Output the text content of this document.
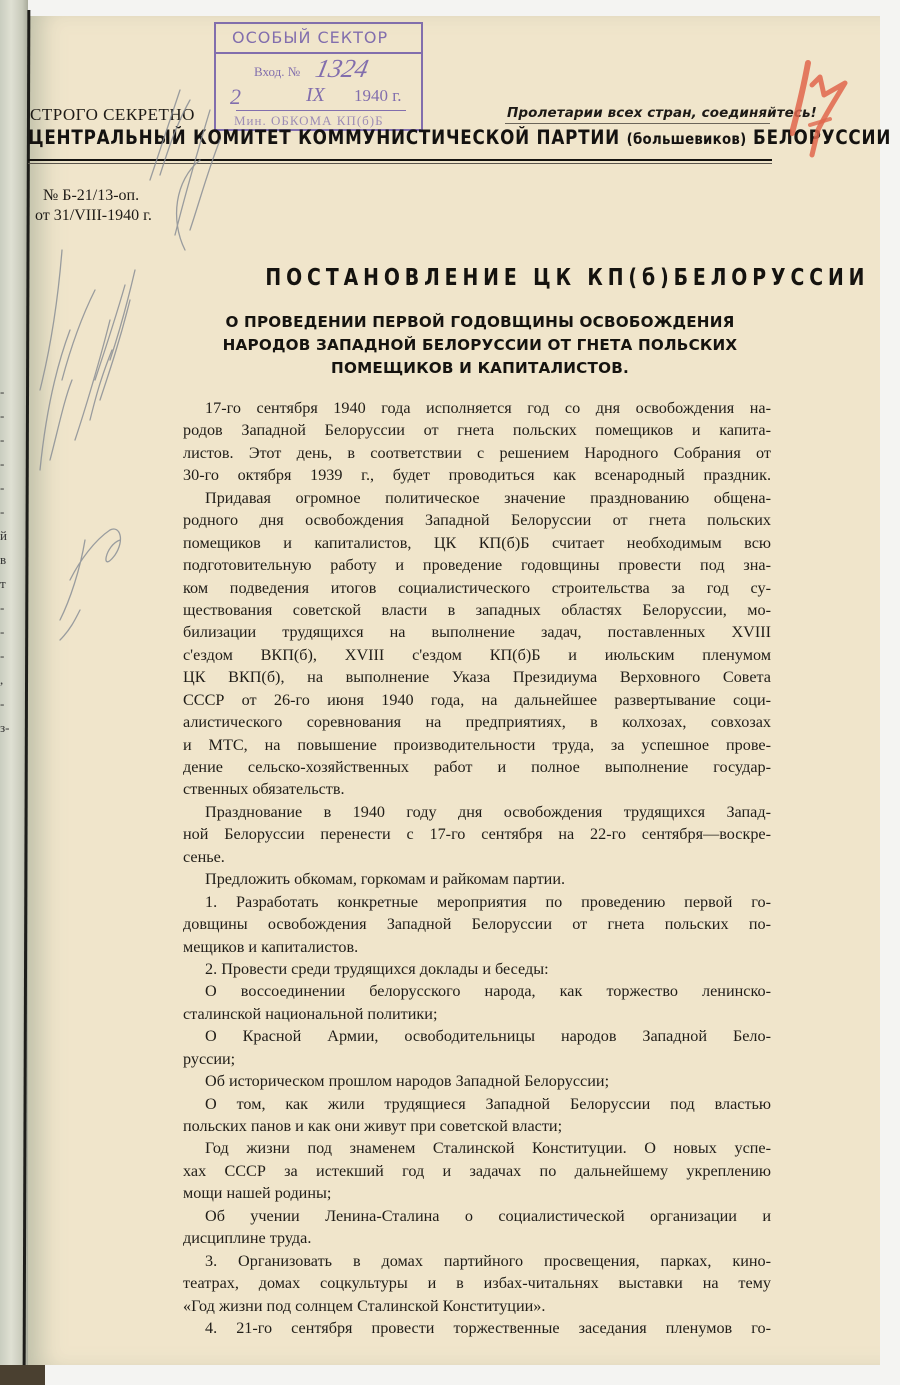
-
-
-
-
-
-
й
в
т
-
-
-
,
-
з-
ОСОБЫЙ СЕКТОР
Вход. № 1324
2	IX 1940 г.
Мин. ОБКОМА КП(б)Б
СТРОГО СЕКРЕТНО	Пролетарии всех стран, соединяйтесь!
ЦЕНТРАЛЬНЫЙ КОМИТЕТ КОММУНИСТИЧЕСКОЙ ПАРТИИ (большевиков) БЕЛОРУССИИ
№ Б-21/13-оп.
от 31/VIII-1940 г.
ПОСТАНОВЛЕНИЕ ЦК КП(б)БЕЛОРУССИИ
О ПРОВЕДЕНИИ ПЕРВОЙ ГОДОВЩИНЫ ОСВОБОЖДЕНИЯ
НАРОДОВ ЗАПАДНОЙ БЕЛОРУССИИ ОТ ГНЕТА ПОЛЬСКИХ
ПОМЕЩИКОВ И КАПИТАЛИСТОВ.
17-го сентября 1940 года исполняется год со дня освобождения на-
родов Западной Белоруссии от гнета польских помещиков и капита-
листов. Этот день, в соответствии с решением Народного Собрания от
30-го октября 1939 г., будет проводиться как всенародный праздник.
Придавая огромное политическое значение празднованию общена-
родного дня освобождения Западной Белоруссии от гнета польских
помещиков и капиталистов, ЦК КП(б)Б считает необходимым всю
подготовительную работу и проведение годовщины провести под зна-
ком подведения итогов социалистического строительства за год су-
ществования советской власти в западных областях Белоруссии, мо-
билизации трудящихся на выполнение задач, поставленных XVIII
с'ездом ВКП(б), XVIII с'ездом КП(б)Б и июльским пленумом
ЦК ВКП(б), на выполнение Указа Президиума Верховного Совета
СССР от 26-го июня 1940 года, на дальнейшее развертывание соци-
алистического соревнования на предприятиях, в колхозах, совхозах
и МТС, на повышение производительности труда, за успешное прове-
дение сельско-хозяйственных работ и полное выполнение государ-
ственных обязательств.
Празднование в 1940 году дня освобождения трудящихся Запад-
ной Белоруссии перенести с 17-го сентября на 22-го сентября—воскре-
сенье.
Предложить обкомам, горкомам и райкомам партии.
1. Разработать конкретные мероприятия по проведению первой го-
довщины освобождения Западной Белоруссии от гнета польских по-
мещиков и капиталистов.
2. Провести среди трудящихся доклады и беседы:
О воссоединении белорусского народа, как торжество ленинско-
сталинской национальной политики;
О Красной Армии, освободительницы народов Западной Бело-
руссии;
Об историческом прошлом народов Западной Белоруссии;
О том, как жили трудящиеся Западной Белоруссии под властью
польских панов и как они живут при советской власти;
Год жизни под знаменем Сталинской Конституции. О новых успе-
хах СССР за истекший год и задачах по дальнейшему укреплению
мощи нашей родины;
Об учении Ленина-Сталина о социалистической организации и
дисциплине труда.
3. Организовать в домах партийного просвещения, парках, кино-
театрах, домах соцкультуры и в избах-читальнях выставки на тему
«Год жизни под солнцем Сталинской Конституции».
4. 21-го сентября провести торжественные заседания пленумов го-
